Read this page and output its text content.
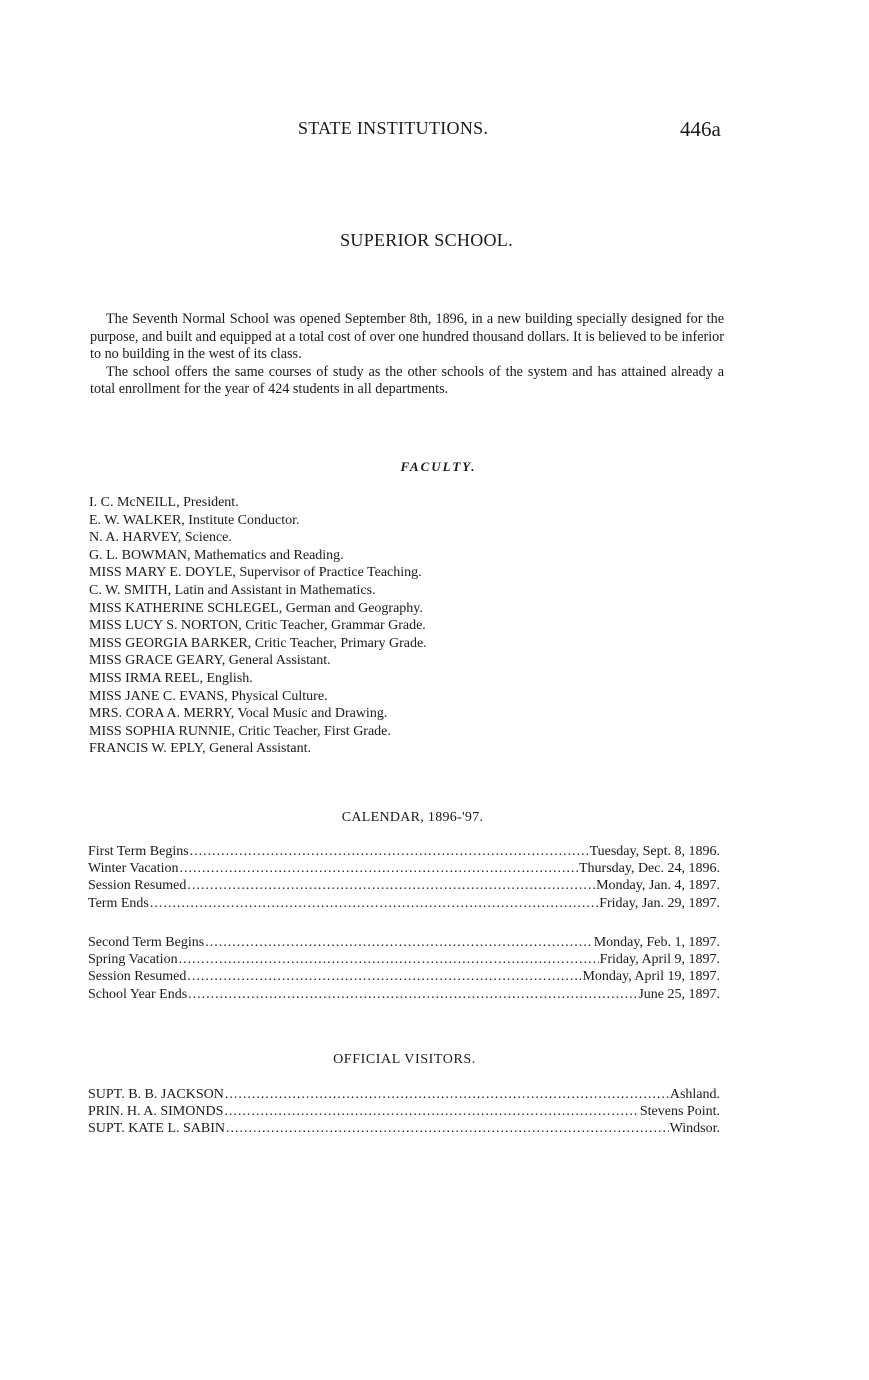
STATE INSTITUTIONS.	446a
SUPERIOR SCHOOL.

The Seventh Normal School was opened September 8th, 1896, in a new building specially designed for the purpose, and built and equipped at a total cost of over one hundred thousand dollars. It is believed to be inferior to no building in the west of its class.

The school offers the same courses of study as the other schools of the system and has attained already a total enrollment for the year of 424 students in all departments.

FACULTY.
I. C. McNEILL, President.
E. W. WALKER, Institute Conductor.
N. A. HARVEY, Science.
G. L. BOWMAN, Mathematics and Reading.
MISS MARY E. DOYLE, Supervisor of Practice Teaching.
C. W. SMITH, Latin and Assistant in Mathematics.
MISS KATHERINE SCHLEGEL, German and Geography.
MISS LUCY S. NORTON, Critic Teacher, Grammar Grade.
MISS GEORGIA BARKER, Critic Teacher, Primary Grade.
MISS GRACE GEARY, General Assistant.
MISS IRMA REEL, English.
MISS JANE C. EVANS, Physical Culture.
MRS. CORA A. MERRY, Vocal Music and Drawing.
MISS SOPHIA RUNNIE, Critic Teacher, First Grade.
FRANCIS W. EPLY, General Assistant.
CALENDAR, 1896-'97.
First Term Begins .....	Tuesday, Sept. 8, 1896.
Winter Vacation .....	Thursday, Dec. 24, 1896.
Session Resumed .....	Monday, Jan. 4, 1897.
Term Ends .....	Friday, Jan. 29, 1897.
Second Term Begins .....	Monday, Feb. 1, 1897.
Spring Vacation .....	Friday, April 9, 1897.
Session Resumed .....	Monday, April 19, 1897.
School Year Ends .....	June 25, 1897.
OFFICIAL VISITORS.
SUPT. B. B. JACKSON .....	Ashland.
PRIN. H. A. SIMONDS .....	Stevens Point.
SUPT. KATE L. SABIN .....	Windsor.
